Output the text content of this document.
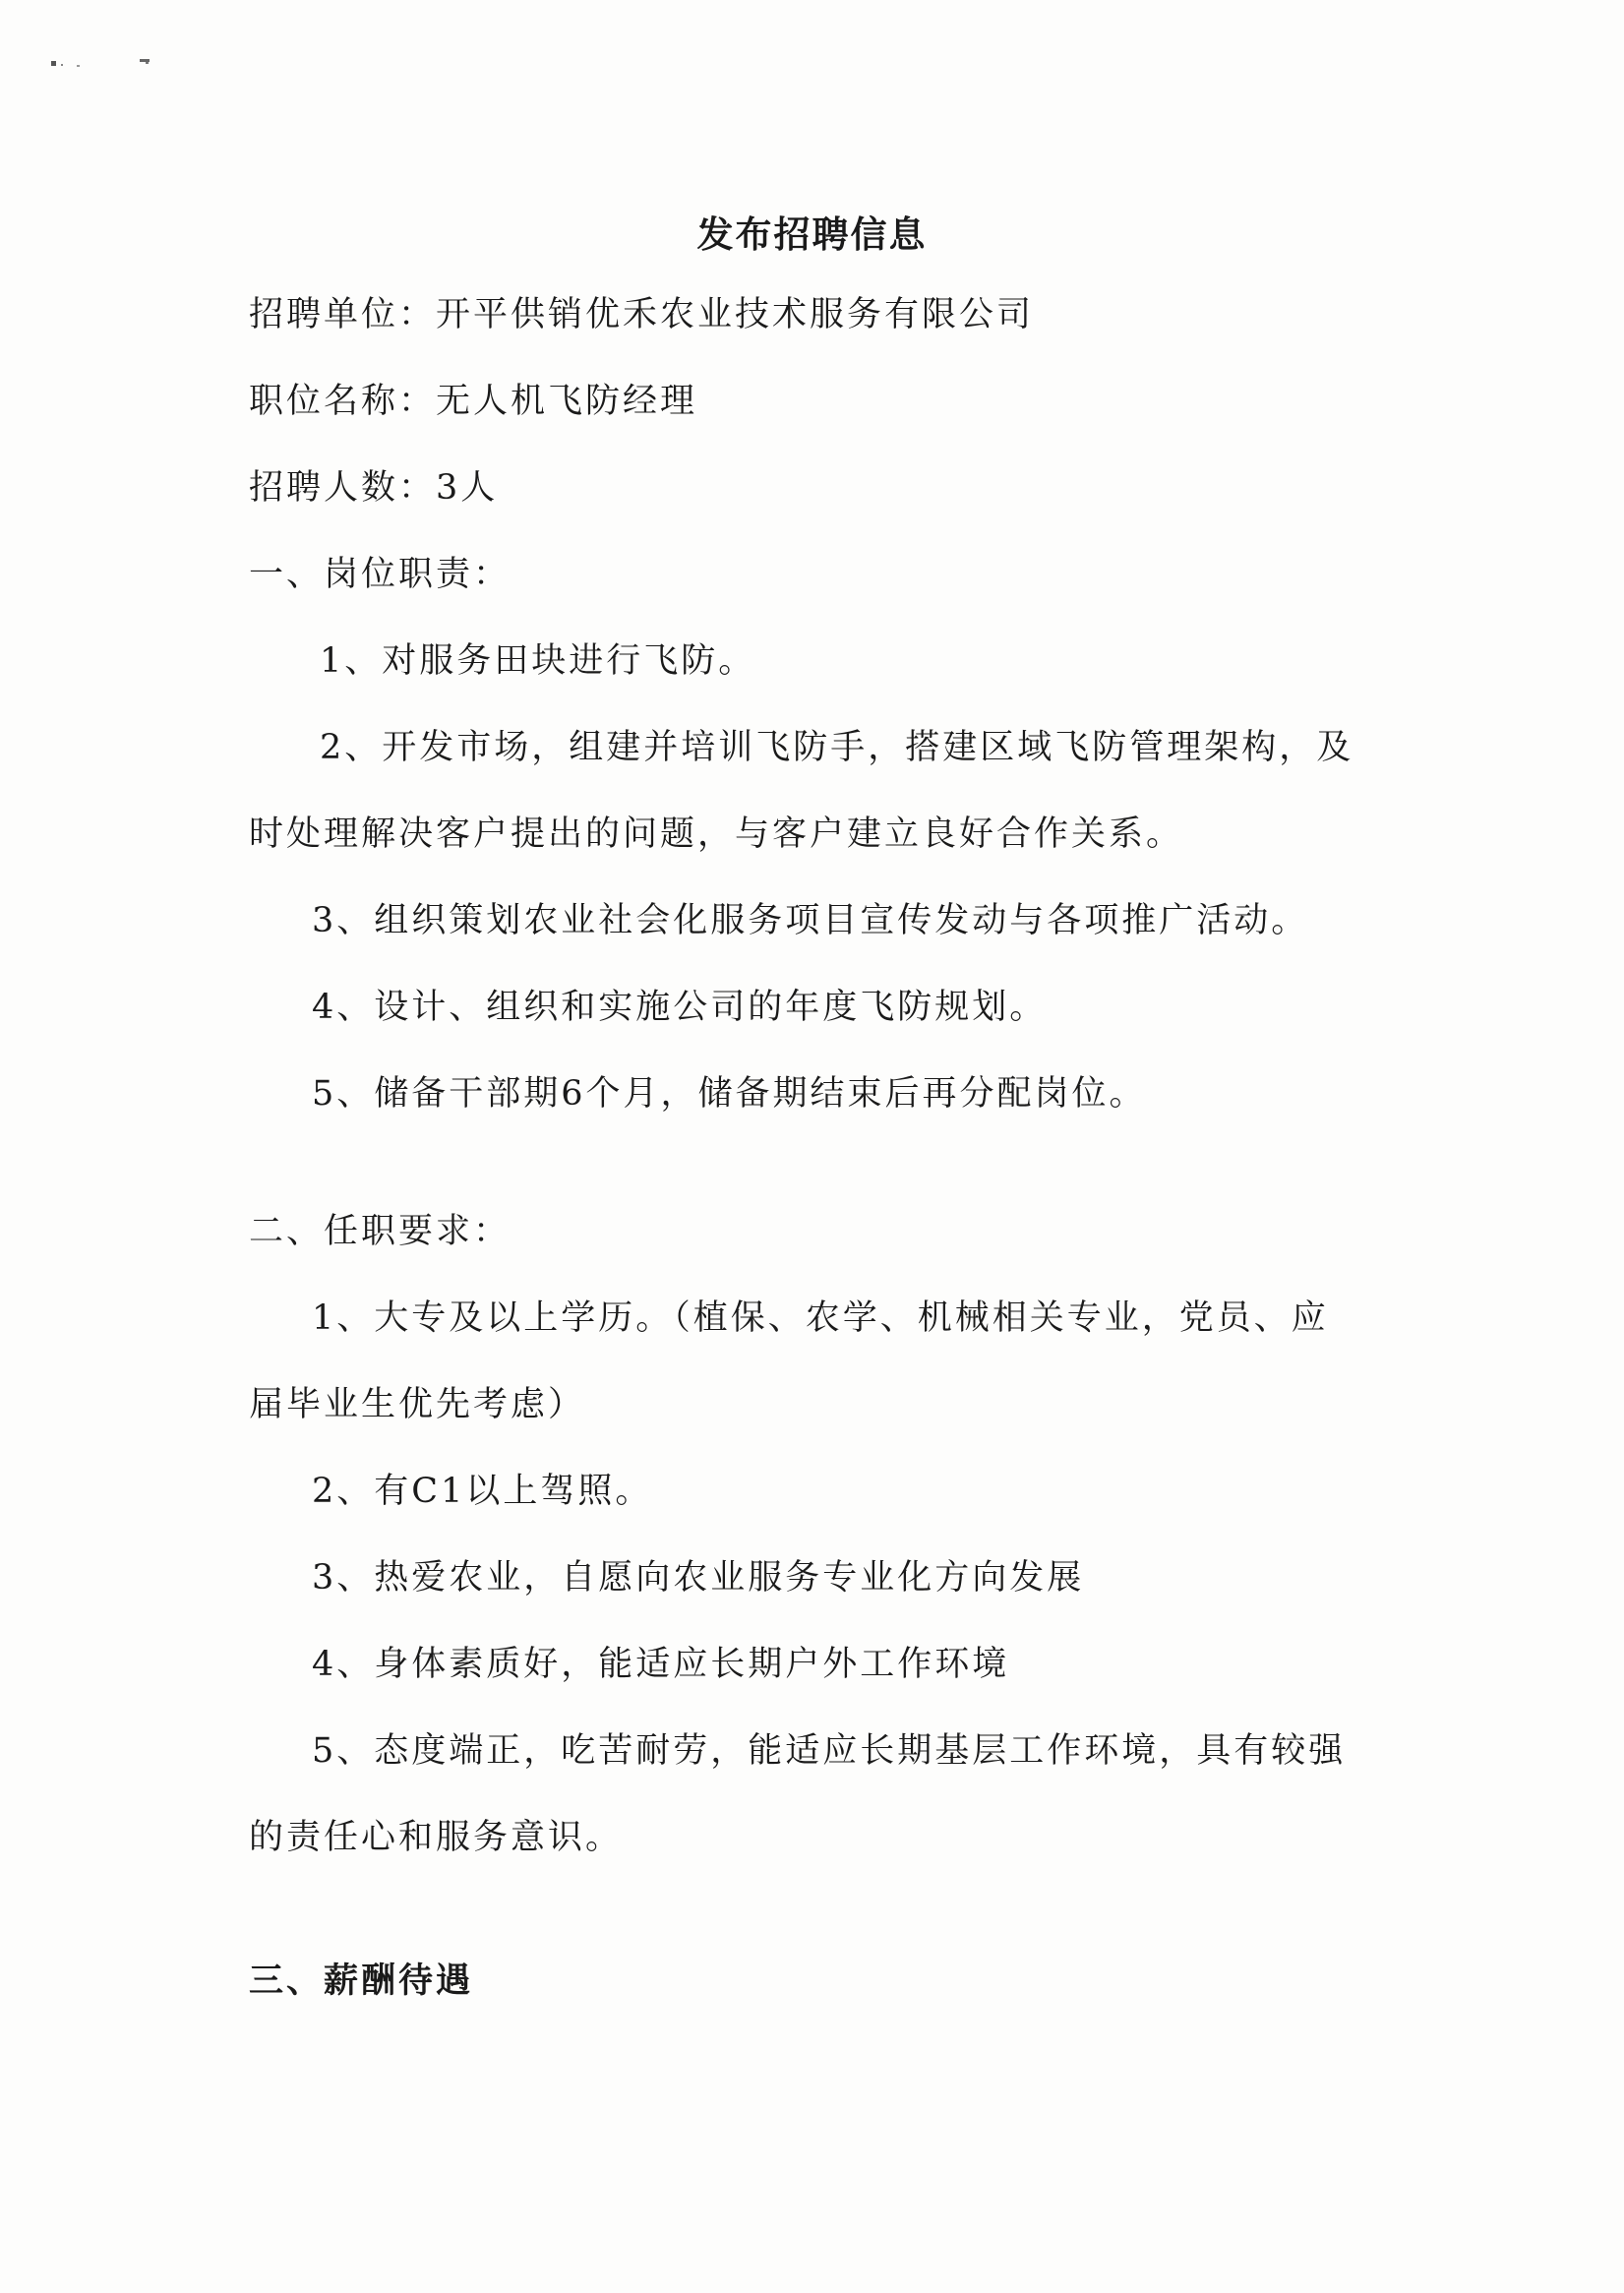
发布招聘信息

招聘单位：开平供销优禾农业技术服务有限公司

职位名称：无人机飞防经理

招聘人数：3人

一、岗位职责：

1、对服务田块进行飞防。

2、开发市场，组建并培训飞防手，搭建区域飞防管理架构，及

时处理解决客户提出的问题，与客户建立良好合作关系。

3、组织策划农业社会化服务项目宣传发动与各项推广活动。

4、设计、组织和实施公司的年度飞防规划。

5、储备干部期6个月，储备期结束后再分配岗位。

二、任职要求：

1、大专及以上学历。（植保、农学、机械相关专业，党员、应

届毕业生优先考虑）

2、有C1以上驾照。

3、热爱农业，自愿向农业服务专业化方向发展

4、身体素质好，能适应长期户外工作环境

5、态度端正，吃苦耐劳，能适应长期基层工作环境，具有较强

的责任心和服务意识。

三、薪酬待遇
